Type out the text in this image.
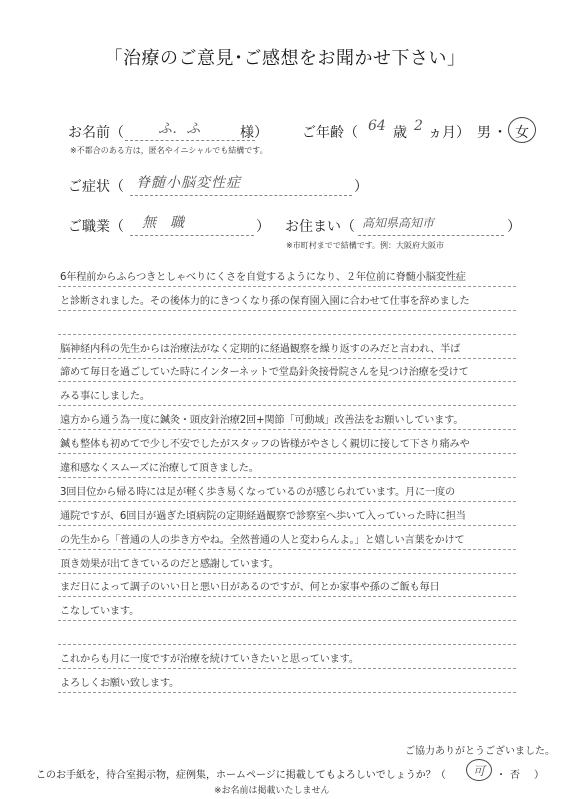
「治療のご意見･ご感想をお聞かせ下さい」
お名前（ ふ．ふ	様）
※不都合のある方は，匿名やイニシャルでも結構です。
ご年齢（ 64 歳 2 ヵ月） 男 ・ 女
ご症状（ 脊髄小脳変性症	）
ご職業（ 無　職	） お住まい（ 高知県高知市	）
※市町村までで結構です。例：大阪府大阪市
6年程前からふらつきとしゃべりにくさを自覚するようになり、２年位前に脊髄小脳変性症
と診断されました。その後体力的にきつくなり孫の保育園入園に合わせて仕事を辞めました
脳神経内科の先生からは治療法がなく定期的に経過観察を繰り返すのみだと言われ、半ば
諦めて毎日を過ごしていた時にインターネットで堂島針灸接骨院さんを見つけ治療を受けて
みる事にしました。
遠方から通う為一度に鍼灸・頭皮針治療2回+関節「可動域」改善法をお願いしています。
鍼も整体も初めてで少し不安でしたがスタッフの皆様がやさしく親切に接して下さり痛みや
違和感なくスムーズに治療して頂きました。
3回目位から帰る時には足が軽く歩き易くなっているのが感じられています。月に一度の
通院ですが、6回目が過ぎた頃病院の定期経過観察で診察室へ歩いて入っていった時に担当
の先生から「普通の人の歩き方やね。全然普通の人と変わらんよ。」と嬉しい言葉をかけて
頂き効果が出てきているのだと感謝しています。
まだ日によって調子のいい日と悪い日があるのですが、何とか家事や孫のご飯も毎日
こなしています。
これからも月に一度ですが治療を続けていきたいと思っています。
よろしくお願い致します。
ご協力ありがとうございました。
このお手紙を，待合室掲示物，症例集，ホームページに掲載してもよろしいでしょうか？（ 可 ・ 否 ）
※お名前は掲載いたしません
